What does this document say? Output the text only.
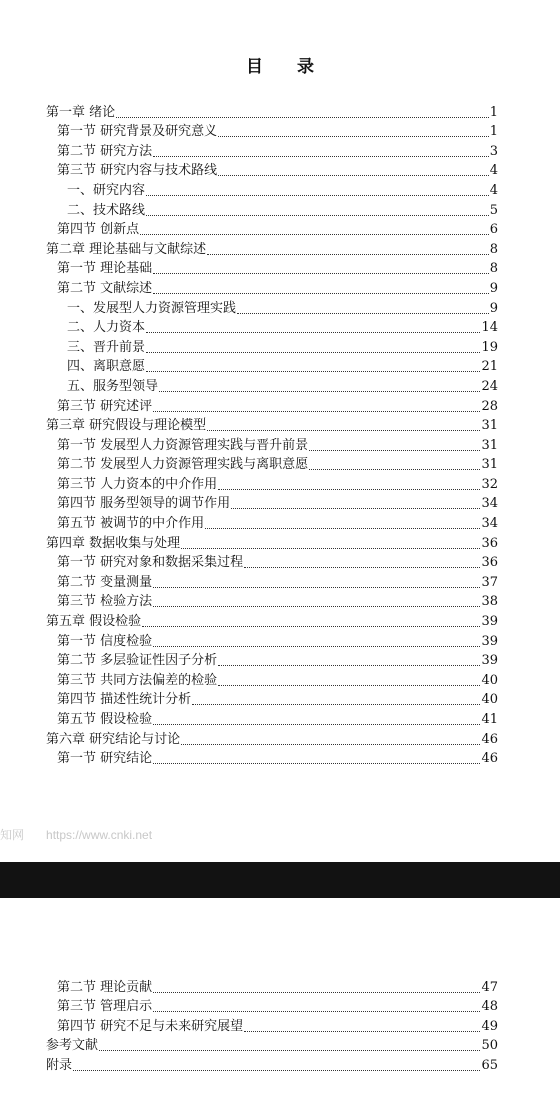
目 录
第一章 绪论	1
第一节 研究背景及研究意义	1
第二节 研究方法	3
第三节 研究内容与技术路线	4
一、研究内容	4
二、技术路线	5
第四节 创新点	6
第二章 理论基础与文献综述	8
第一节 理论基础	8
第二节 文献综述	9
一、发展型人力资源管理实践	9
二、人力资本	14
三、晋升前景	19
四、离职意愿	21
五、服务型领导	24
第三节 研究述评	28
第三章 研究假设与理论模型	31
第一节 发展型人力资源管理实践与晋升前景	31
第二节 发展型人力资源管理实践与离职意愿	31
第三节 人力资本的中介作用	32
第四节 服务型领导的调节作用	34
第五节 被调节的中介作用	34
第四章 数据收集与处理	36
第一节 研究对象和数据采集过程	36
第二节 变量测量	37
第三节 检验方法	38
第五章 假设检验	39
第一节 信度检验	39
第二节 多层验证性因子分析	39
第三节 共同方法偏差的检验	40
第四节 描述性统计分析	40
第五节 假设检验	41
第六章 研究结论与讨论	46
第一节 研究结论	46
知网 https://www.cnki.net
第二节 理论贡献	47
第三节 管理启示	48
第四节 研究不足与未来研究展望	49
参考文献	50
附录	65
